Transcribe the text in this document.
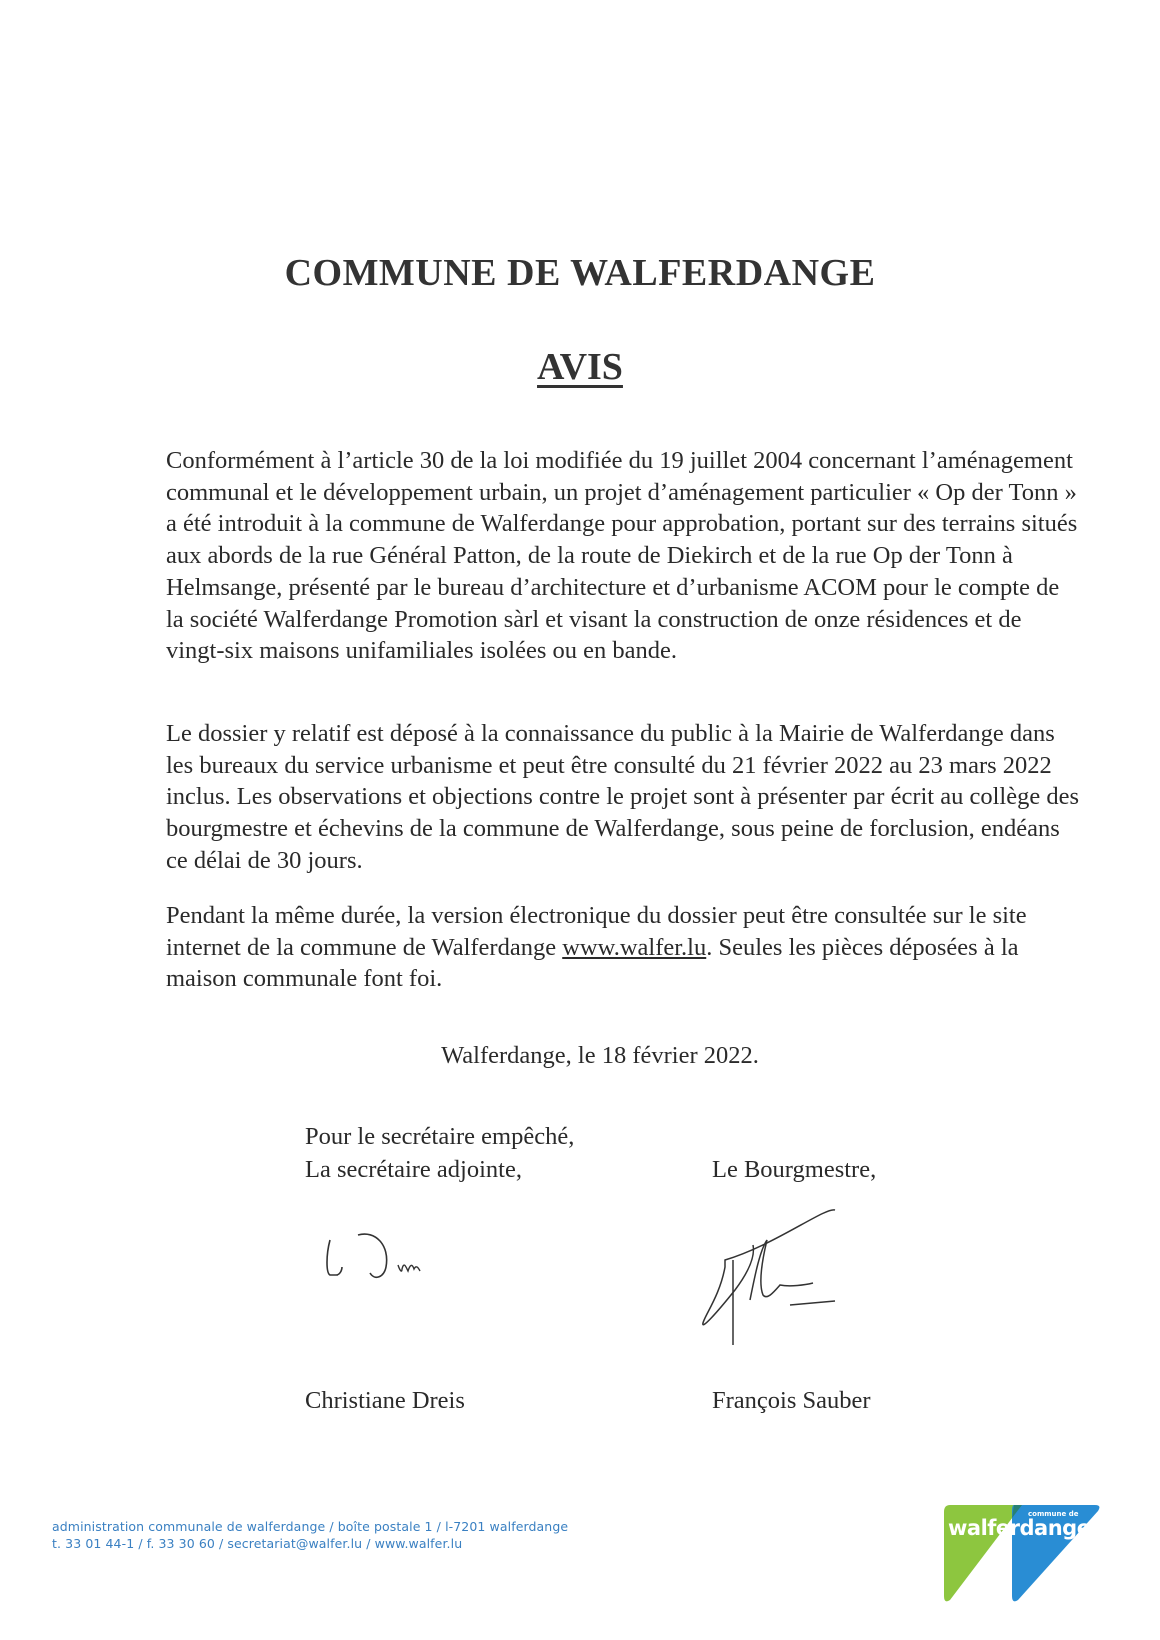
COMMUNE DE WALFERDANGE
AVIS

Conformément à l’article 30 de la loi modifiée du 19 juillet 2004 concernant l’aménagement communal et le développement urbain, un projet d’aménagement particulier « Op der Tonn » a été introduit à la commune de Walferdange pour approbation, portant sur des terrains situés aux abords de la rue Général Patton, de la route de Diekirch et de la rue Op der Tonn à Helmsange, présenté par le bureau d’architecture et d’urbanisme ACOM pour le compte de la société Walferdange Promotion sàrl et visant la construction de onze résidences et de vingt-six maisons unifamiliales isolées ou en bande.

Le dossier y relatif est déposé à la connaissance du public à la Mairie de Walferdange dans les bureaux du service urbanisme et peut être consulté du 21 février 2022 au 23 mars 2022 inclus. Les observations et objections contre le projet sont à présenter par écrit au collège des bourgmestre et échevins de la commune de Walferdange, sous peine de forclusion, endéans ce délai de 30 jours.

Pendant la même durée, la version électronique du dossier peut être consultée sur le site internet de la commune de Walferdange www.walfer.lu. Seules les pièces déposées à la maison communale font foi.

Walferdange, le 18 février 2022.
Pour le secrétaire empêché,
La secrétaire adjointe,	Le Bourgmestre,
Christiane Dreis	François Sauber
administration communale de walferdange / boîte postale 1 / l-7201 walferdange
t. 33 01 44-1 / f. 33 30 60 / secretariat@walfer.lu / www.walfer.lu
commune de
walferdange
